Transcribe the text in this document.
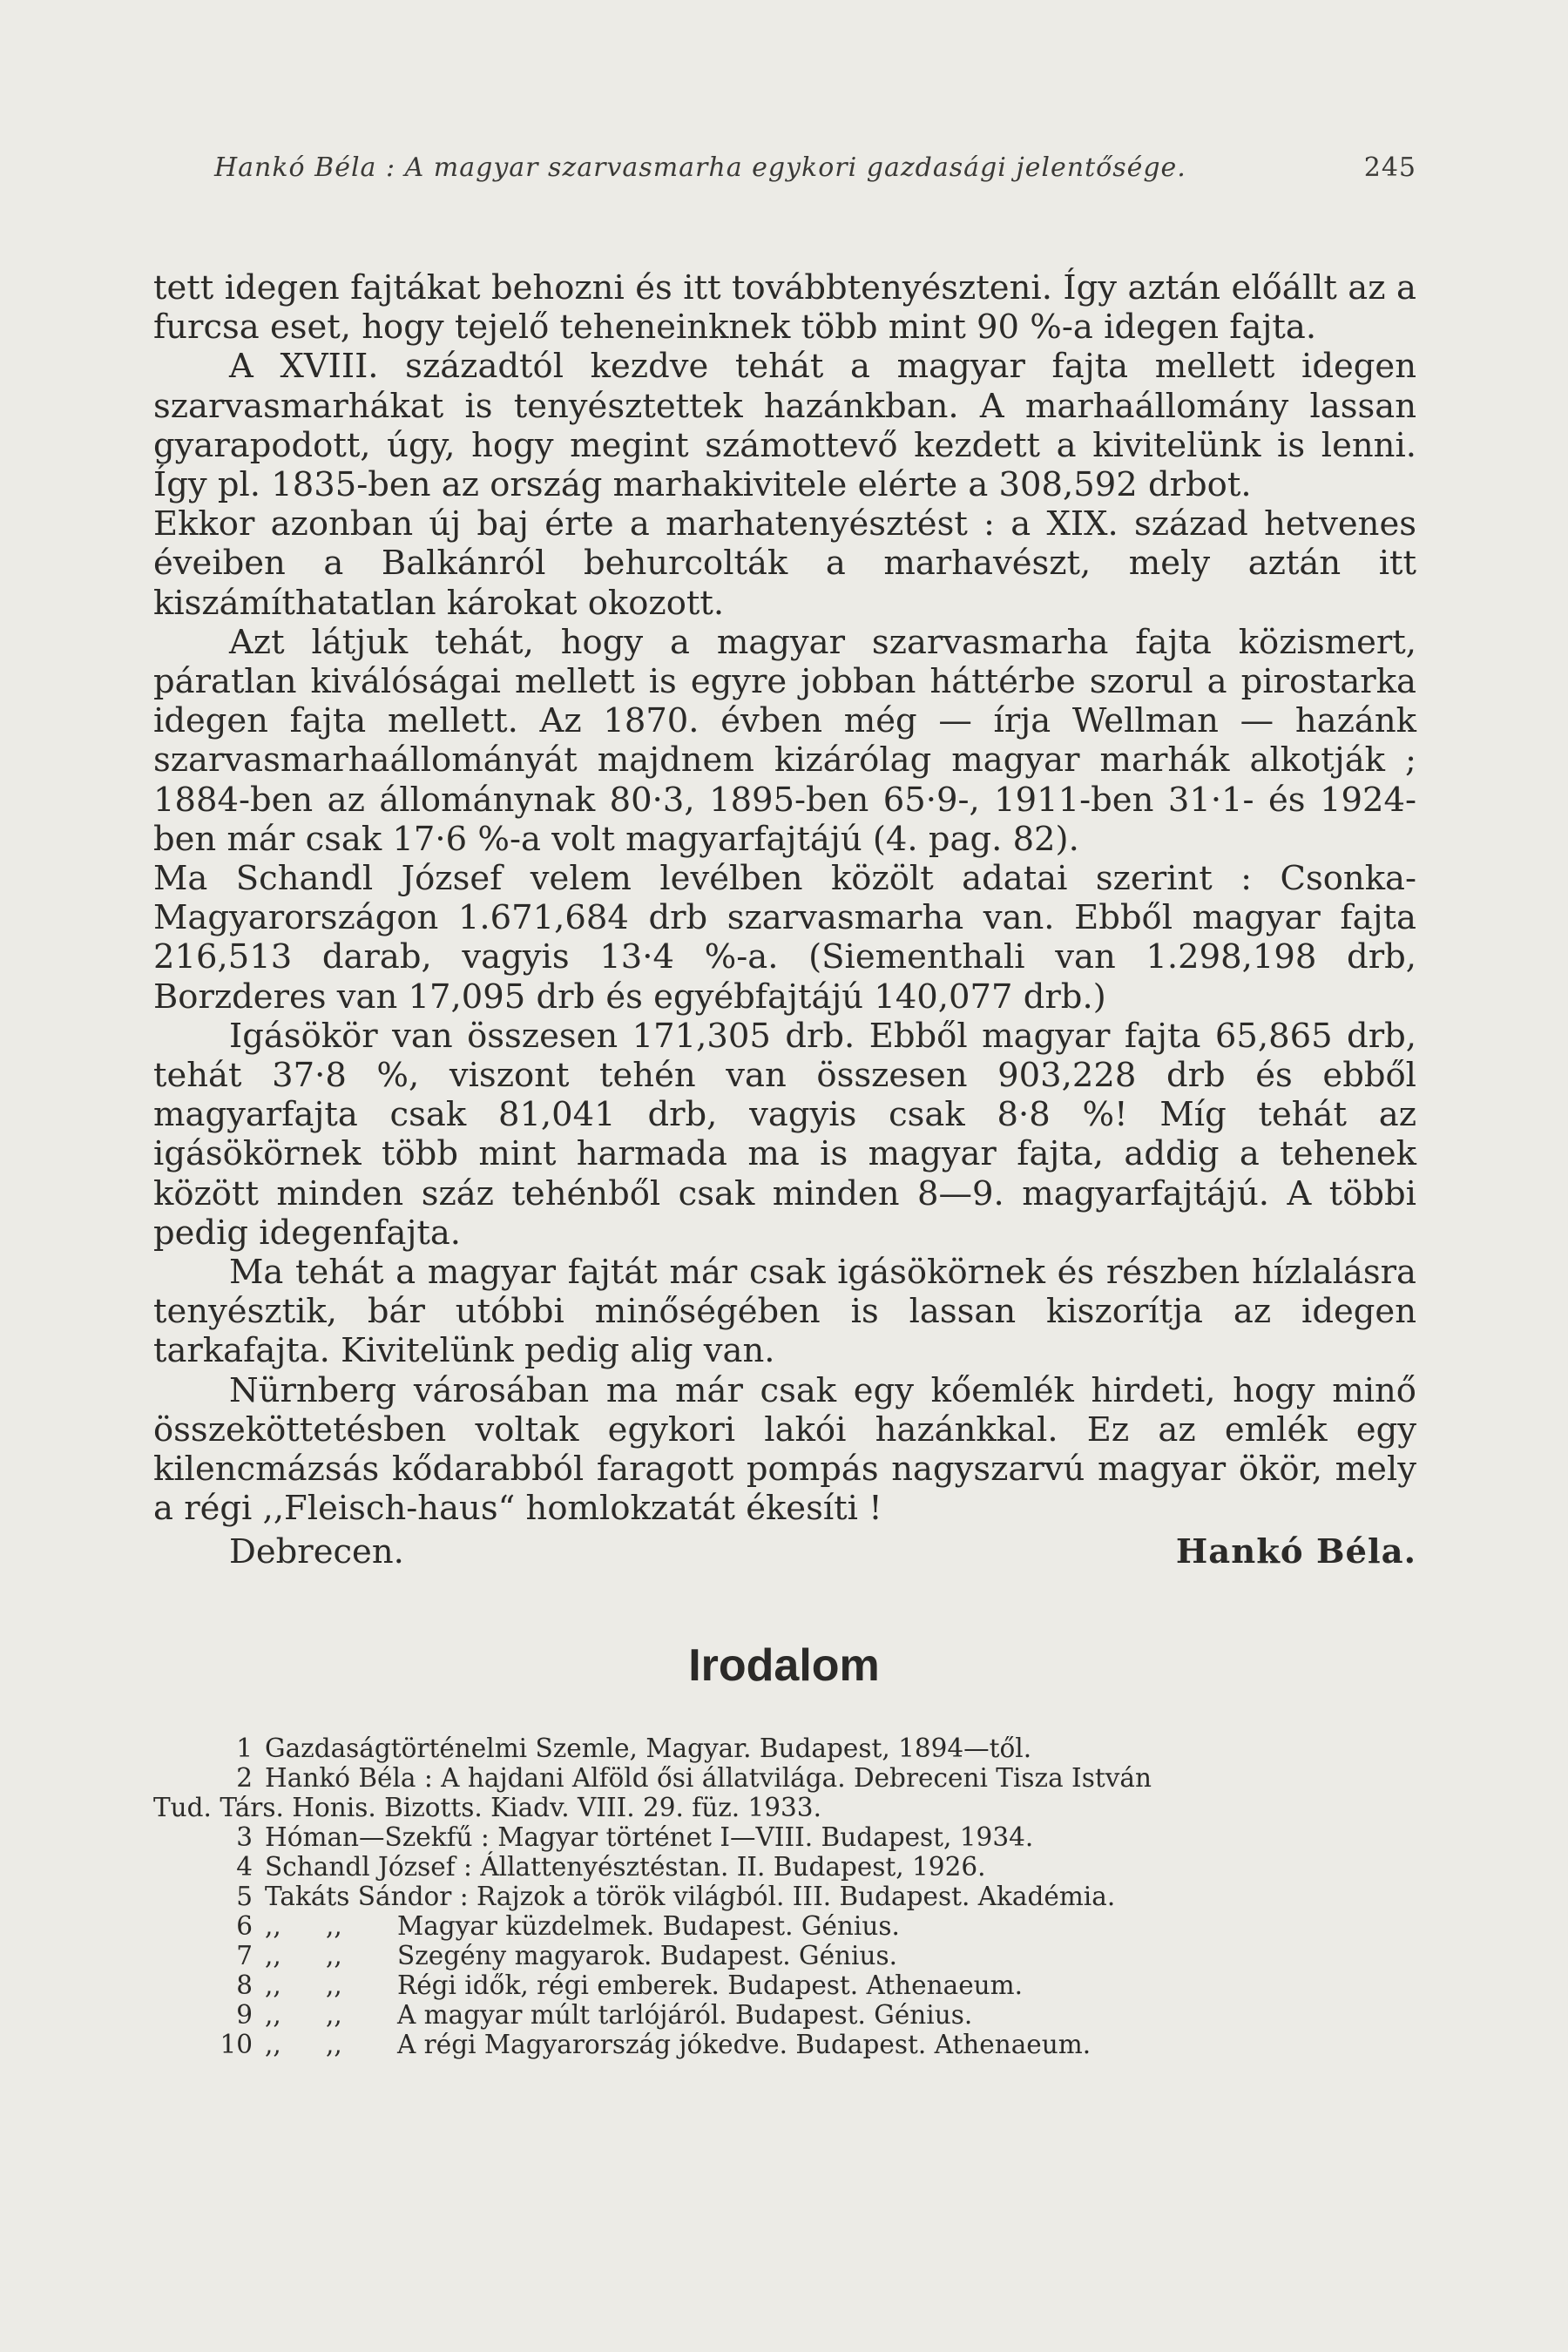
Hankó Béla : A magyar szarvasmarha egykori gazdasági jelentősége.	245

tett idegen fajtákat behozni és itt továbbtenyészteni. Így aztán előállt az a furcsa eset, hogy tejelő teheneinknek több mint 90 %-a idegen fajta.

A XVIII. századtól kezdve tehát a magyar fajta mellett idegen szarvasmarhákat is tenyésztettek hazánkban. A marhaállomány lassan gyarapodott, úgy, hogy megint számottevő kezdett a kivitelünk is lenni. Így pl. 1835-ben az ország marhakivitele elérte a 308,592 drbot.

Ekkor azonban új baj érte a marhatenyésztést : a XIX. század hetvenes éveiben a Balkánról behurcolták a marhavészt, mely aztán itt kiszámíthatatlan károkat okozott.

Azt látjuk tehát, hogy a magyar szarvasmarha fajta közismert, páratlan kiválóságai mellett is egyre jobban háttérbe szorul a pirostarka idegen fajta mellett. Az 1870. évben még — írja Wellman — hazánk szarvasmarhaállományát majdnem kizárólag magyar marhák alkotják ; 1884-ben az állománynak 80·3, 1895-ben 65·9-, 1911-ben 31·1- és 1924-ben már csak 17·6 %-a volt magyarfajtájú (4. pag. 82).

Ma Schandl József velem levélben közölt adatai szerint : Csonka-Magyarországon 1.671,684 drb szarvasmarha van. Ebből magyar fajta 216,513 darab, vagyis 13·4 %-a. (Siementhali van 1.298,198 drb, Borzderes van 17,095 drb és egyébfajtájú 140,077 drb.)

Igásökör van összesen 171,305 drb. Ebből magyar fajta 65,865 drb, tehát 37·8 %, viszont tehén van összesen 903,228 drb és ebből magyarfajta csak 81,041 drb, vagyis csak 8·8 %! Míg tehát az igásökörnek több mint harmada ma is magyar fajta, addig a tehenek között minden száz tehénből csak minden 8—9. magyarfajtájú. A többi pedig idegenfajta.

Ma tehát a magyar fajtát már csak igásökörnek és részben hízlalásra tenyésztik, bár utóbbi minőségében is lassan kiszorítja az idegen tarkafajta. Kivitelünk pedig alig van.

Nürnberg városában ma már csak egy kőemlék hirdeti, hogy minő összeköttetésben voltak egykori lakói hazánkkal. Ez az emlék egy kilencmázsás kődarabból faragott pompás nagyszarvú magyar ökör, mely a régi ,,Fleisch-haus“ homlokzatát ékesíti !

Debrecen.	Hankó Béla.
Irodalom
1 Gazdaságtörténelmi Szemle, Magyar. Budapest, 1894—től.
2 Hankó Béla : A hajdani Alföld ősi állatvilága. Debreceni Tisza István
Tud. Társ. Honis. Bizotts. Kiadv. VIII. 29. füz. 1933.
3 Hóman—Szekfű : Magyar történet I—VIII. Budapest, 1934.
4 Schandl József : Állattenyésztéstan. II. Budapest, 1926.
5 Takáts Sándor : Rajzok a török világból. III. Budapest. Akadémia.
6 ,, ,, Magyar küzdelmek. Budapest. Génius.
7 ,, ,, Szegény magyarok. Budapest. Génius.
8 ,, ,, Régi idők, régi emberek. Budapest. Athenaeum.
9 ,, ,, A magyar múlt tarlójáról. Budapest. Génius.
10 ,, ,, A régi Magyarország jókedve. Budapest. Athenaeum.
